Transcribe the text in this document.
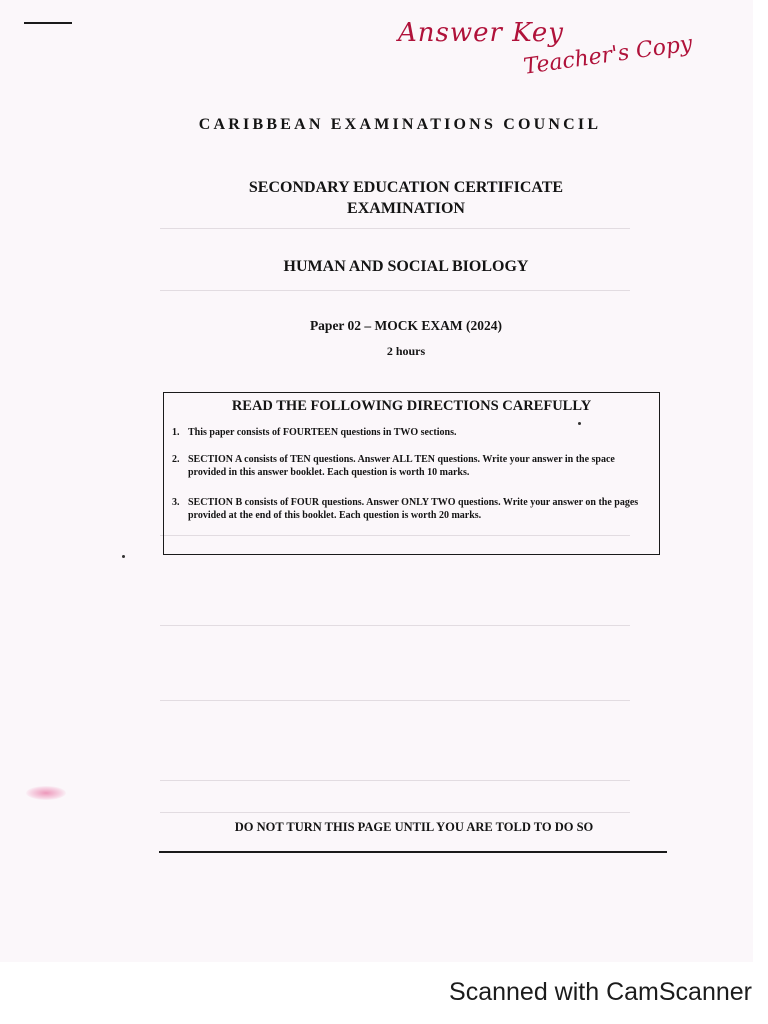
Answer Key
Teacher's Copy
CARIBBEAN EXAMINATIONS COUNCIL
SECONDARY EDUCATION CERTIFICATE
EXAMINATION
HUMAN AND SOCIAL BIOLOGY
Paper 02 – MOCK EXAM (2024)
2 hours
READ THE FOLLOWING DIRECTIONS CAREFULLY
1. This paper consists of FOURTEEN questions in TWO sections.
2. SECTION A consists of TEN questions. Answer ALL TEN questions. Write your answer in the space provided in this answer booklet. Each question is worth 10 marks.
3. SECTION B consists of FOUR questions. Answer ONLY TWO questions. Write your answer on the pages provided at the end of this booklet. Each question is worth 20 marks.
DO NOT TURN THIS PAGE UNTIL YOU ARE TOLD TO DO SO
Scanned with CamScanner
